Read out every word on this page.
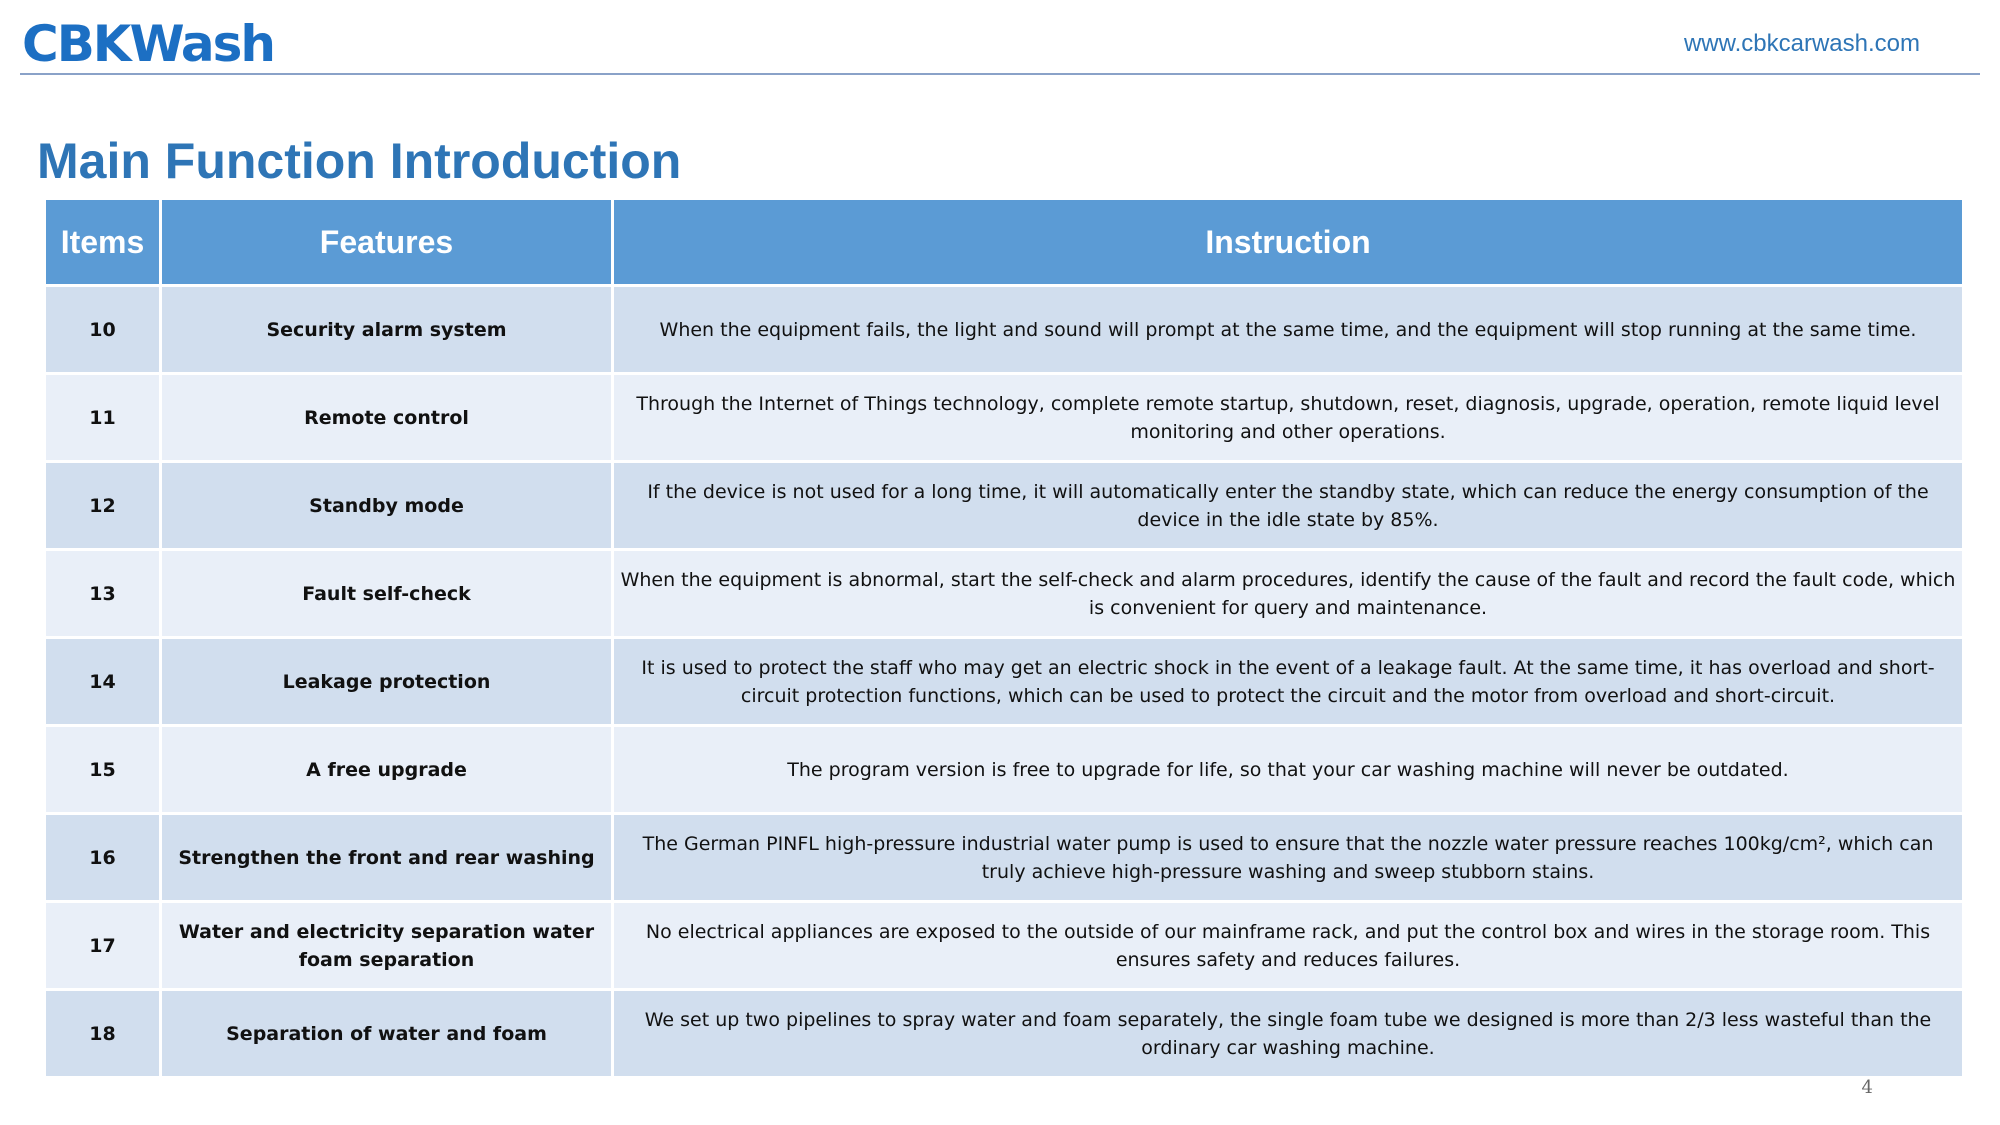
CBKWash	www.cbkcarwash.com
Main Function Introduction
Items	Features	Instruction
10	Security alarm system	When the equipment fails, the light and sound will prompt at the same time, and the equipment will stop running at the same time.
11	Remote control	Through the Internet of Things technology, complete remote startup, shutdown, reset, diagnosis, upgrade, operation, remote liquid level monitoring and other operations.
12	Standby mode	If the device is not used for a long time, it will automatically enter the standby state, which can reduce the energy consumption of the device in the idle state by 85%.
13	Fault self-check	When the equipment is abnormal, start the self-check and alarm procedures, identify the cause of the fault and record the fault code, which is convenient for query and maintenance.
14	Leakage protection	It is used to protect the staff who may get an electric shock in the event of a leakage fault. At the same time, it has overload and short-circuit protection functions, which can be used to protect the circuit and the motor from overload and short-circuit.
15	A free upgrade	The program version is free to upgrade for life, so that your car washing machine will never be outdated.
16	Strengthen the front and rear washing	The German PINFL high-pressure industrial water pump is used to ensure that the nozzle water pressure reaches 100kg/cm², which can truly achieve high-pressure washing and sweep stubborn stains.
17	Water and electricity separation water foam separation	No electrical appliances are exposed to the outside of our mainframe rack, and put the control box and wires in the storage room. This ensures safety and reduces failures.
18	Separation of water and foam	We set up two pipelines to spray water and foam separately, the single foam tube we designed is more than 2/3 less wasteful than the ordinary car washing machine.
4
